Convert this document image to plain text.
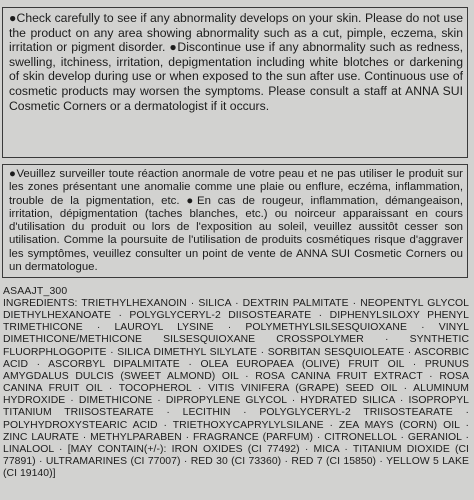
●Check carefully to see if any abnormality develops on your skin. Please do not use the product on any area showing abnormality such as a cut, pimple, eczema, skin irritation or pigment disorder. ●Discontinue use if any abnormality such as redness, swelling, itchiness, irritation, depigmentation including white blotches or darkening of skin develop during use or when exposed to the sun after use. Continuous use of cosmetic products may worsen the symptoms. Please consult a staff at ANNA SUI Cosmetic Corners or a dermatologist if it occurs.
●Veuillez surveiller toute réaction anormale de votre peau et ne pas utiliser le produit sur les zones présentant une anomalie comme une plaie ou enflure, eczéma, inflammation, trouble de la pigmentation, etc. ●En cas de rougeur, inflammation, démangeaison, irritation, dépigmentation (taches blanches, etc.) ou noirceur apparaissant en cours d'utilisation du produit ou lors de l'exposition au soleil, veuillez aussitôt cesser son utilisation. Comme la poursuite de l'utilisation de produits cosmétiques risque d'aggraver les symptômes, veuillez consulter un point de vente de ANNA SUI Cosmetic Corners ou un dermatologue.
ASAAJT_300
INGREDIENTS: TRIETHYLHEXANOIN · SILICA · DEXTRIN PALMITATE · NEOPENTYL GLYCOL DIETHYLHEXANOATE · POLYGLYCERYL-2 DIISOSTEARATE · DIPHENYLSILOXY PHENYL TRIMETHICONE · LAUROYL LYSINE · POLYMETHYLSILSESQUIOXANE · VINYL DIMETHICONE/METHICONE SILSESQUIOXANE CROSSPOLYMER · SYNTHETIC FLUORPHLOGOPITE · SILICA DIMETHYL SILYLATE · SORBITAN SESQUIOLEATE · ASCORBIC ACID · ASCORBYL DIPALMITATE · OLEA EUROPAEA (OLIVE) FRUIT OIL · PRUNUS AMYGDALUS DULCIS (SWEET ALMOND) OIL · ROSA CANINA FRUIT EXTRACT · ROSA CANINA FRUIT OIL · TOCOPHEROL · VITIS VINIFERA (GRAPE) SEED OIL · ALUMINUM HYDROXIDE · DIMETHICONE · DIPROPYLENE GLYCOL · HYDRATED SILICA · ISOPROPYL TITANIUM TRIISOSTEARATE · LECITHIN · POLYGLYCERYL-2 TRIISOSTEARATE · POLYHYDROXYSTEARIC ACID · TRIETHOXYCAPRYLYLSILANE · ZEA MAYS (CORN) OIL · ZINC LAURATE · METHYLPARABEN · FRAGRANCE (PARFUM) · CITRONELLOL · GERANIOL · LINALOOL · [MAY CONTAIN(+/-): IRON OXIDES (CI 77492) · MICA · TITANIUM DIOXIDE (CI 77891) · ULTRAMARINES (CI 77007) · RED 30 (CI 73360) · RED 7 (CI 15850) · YELLOW 5 LAKE (CI 19140)]
